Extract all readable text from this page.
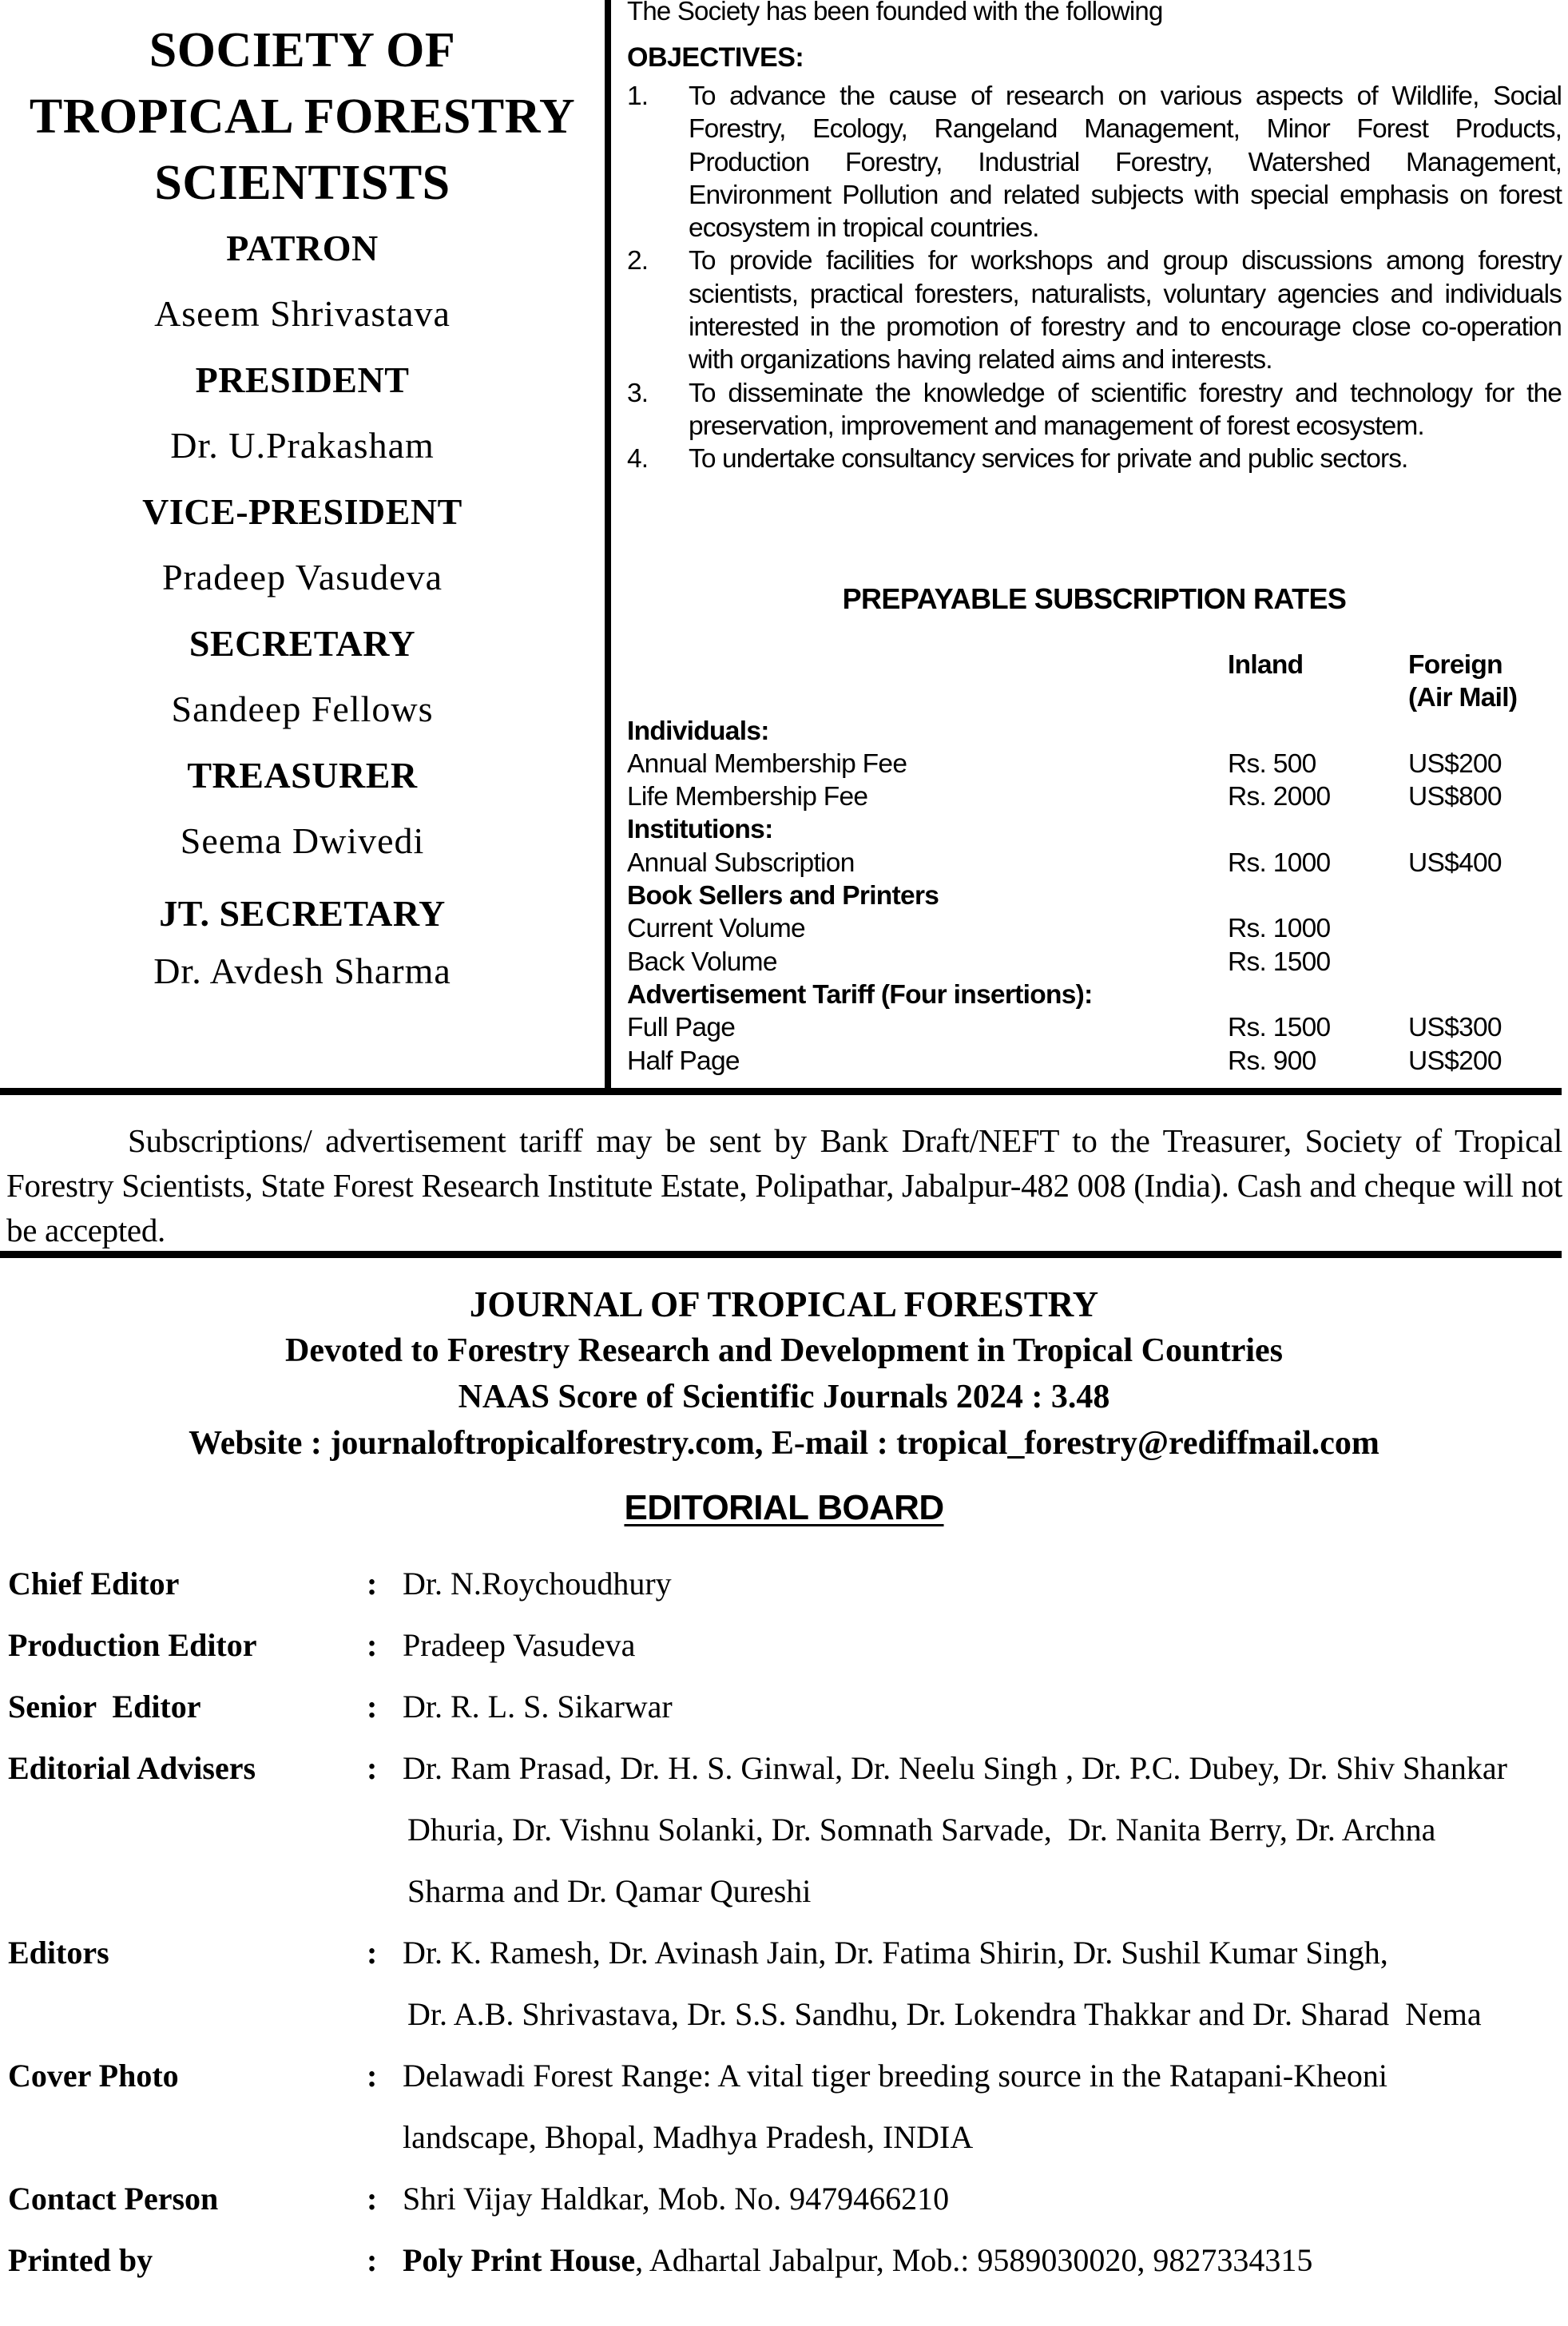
SOCIETY OF
TROPICAL FORESTRY
SCIENTISTS
PATRON
Aseem Shrivastava
PRESIDENT
Dr. U.Prakasham
VICE-PRESIDENT
Pradeep Vasudeva
SECRETARY
Sandeep Fellows
TREASURER
Seema Dwivedi
JT. SECRETARY
Dr. Avdesh Sharma

The Society has been founded with the following

OBJECTIVES:
1. To advance the cause of research on various aspects of Wildlife, Social Forestry, Ecology, Rangeland Management, Minor Forest Products, Production Forestry, Industrial Forestry, Watershed Management, Environment Pollution and related subjects with special emphasis on forest ecosystem in tropical countries.
2. To provide facilities for workshops and group discussions among forestry scientists, practical foresters, naturalists, voluntary agencies and individuals interested in the promotion of forestry and to encourage close co-operation with organizations having related aims and interests.
3. To disseminate the knowledge of scientific forestry and technology for the preservation, improvement and management of forest ecosystem.
4. To undertake consultancy services for private and public sectors.
PREPAYABLE SUBSCRIPTION RATES
	Inland	Foreign
(Air Mail)

Individuals:		
Annual Membership Fee	Rs. 500	US$200
Life Membership Fee	Rs. 2000	US$800
Institutions:		
Annual Subscription	Rs. 1000	US$400
Book Sellers and Printers		
Current Volume	Rs. 1000	
Back Volume	Rs. 1500	
Advertisement Tariff (Four insertions):		
Full Page	Rs. 1500	US$300
Half Page	Rs. 900	US$200

Subscriptions/ advertisement tariff may be sent by Bank Draft/NEFT to the Treasurer, Society of Tropical Forestry Scientists, State Forest Research Institute Estate, Polipathar, Jabalpur-482 008 (India). Cash and cheque will not be accepted.

JOURNAL OF TROPICAL FORESTRY
Devoted to Forestry Research and Development in Tropical Countries
NAAS Score of Scientific Journals 2024 : 3.48
Website : journaloftropicalforestry.com, E-mail : tropical_forestry@rediffmail.com
EDITORIAL BOARD
Chief Editor	: Dr. N.Roychoudhury
Production Editor	: Pradeep Vasudeva
Senior  Editor	: Dr. R. L. S. Sikarwar
Editorial Advisers	: Dr. Ram Prasad, Dr. H. S. Ginwal, Dr. Neelu Singh , Dr. P.C. Dubey, Dr. Shiv Shankar
Dhuria, Dr. Vishnu Solanki, Dr. Somnath Sarvade,  Dr. Nanita Berry, Dr. Archna
Sharma and Dr. Qamar Qureshi
Editors	: Dr. K. Ramesh, Dr. Avinash Jain, Dr. Fatima Shirin, Dr. Sushil Kumar Singh,
Dr. A.B. Shrivastava, Dr. S.S. Sandhu, Dr. Lokendra Thakkar and Dr. Sharad  Nema
Cover Photo	: Delawadi Forest Range: A vital tiger breeding source in the Ratapani-Kheoni
landscape, Bhopal, Madhya Pradesh, INDIA
Contact Person	: Shri Vijay Haldkar, Mob. No. 9479466210
Printed by	: Poly Print House, Adhartal Jabalpur, Mob.: 9589030020, 9827334315
